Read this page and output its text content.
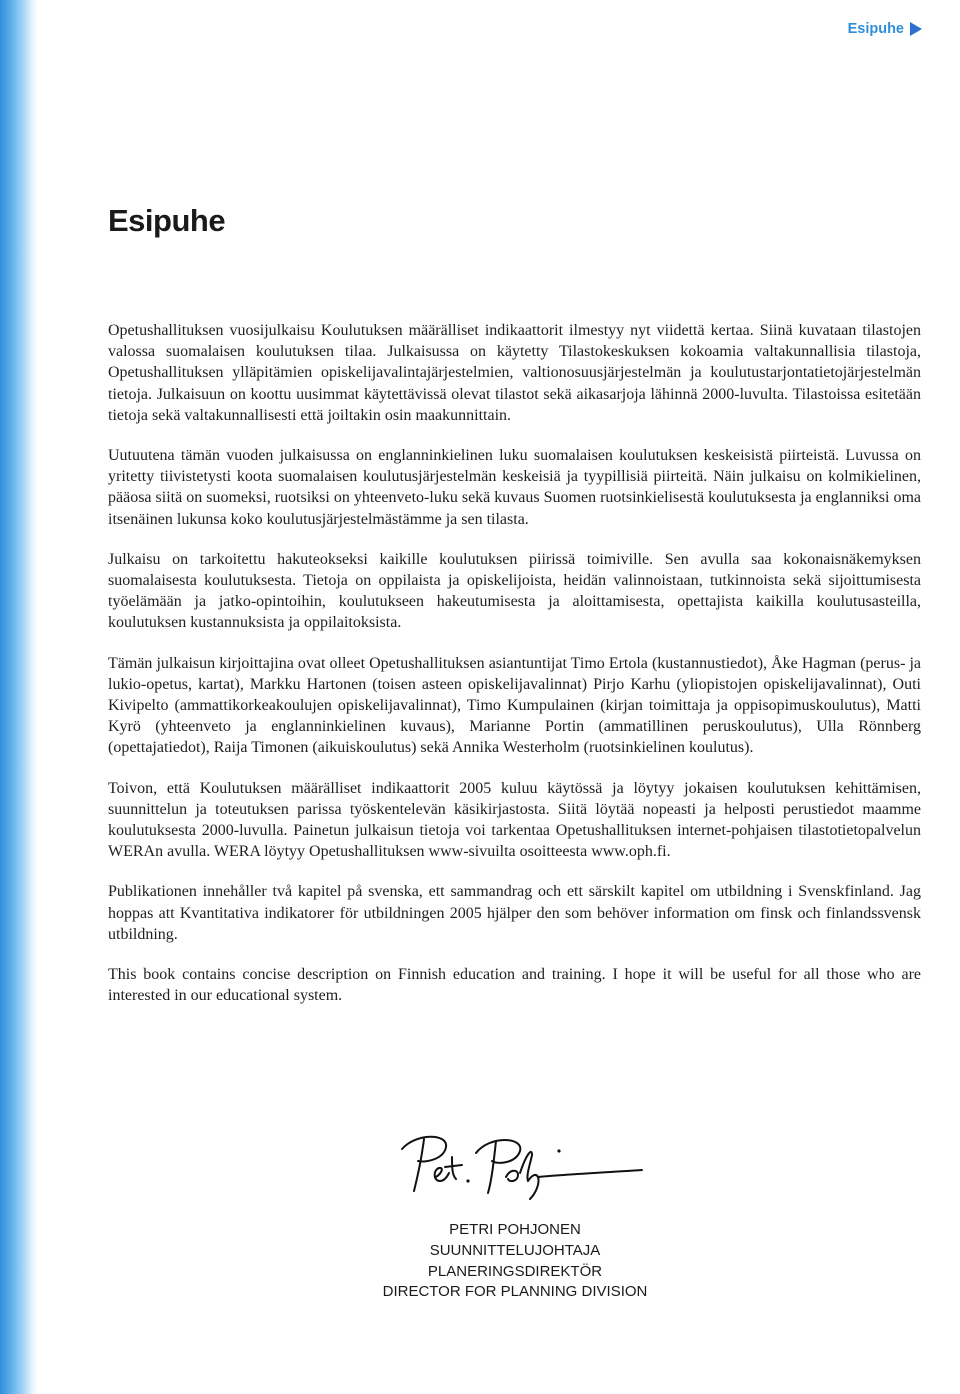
Esipuhe
Esipuhe

Opetushallituksen vuosijulkaisu Koulutuksen määrälliset indikaattorit ilmestyy nyt viidettä kertaa. Siinä kuvataan tilastojen valossa suomalaisen koulutuksen tilaa. Julkaisussa on käytetty Tilastokeskuksen kokoamia valtakunnallisia tilastoja, Opetushallituksen ylläpitämien opiskelijavalintajärjestelmien, valtionosuusjärjestelmän ja koulutustarjontatietojärjestelmän tietoja. Julkaisuun on koottu uusimmat käytettävissä olevat tilastot sekä aikasarjoja lähinnä 2000-luvulta. Tilastoissa esitetään tietoja sekä valtakunnallisesti että joiltakin osin maakunnittain.

Uutuutena tämän vuoden julkaisussa on englanninkielinen luku suomalaisen koulutuksen keskeisistä piirteistä. Luvussa on yritetty tiivistetysti koota suomalaisen koulutusjärjestelmän keskeisiä ja tyypillisiä piirteitä. Näin julkaisu on kolmikielinen, pääosa siitä on suomeksi, ruotsiksi on yhteenveto-luku sekä kuvaus Suomen ruotsinkielisestä koulutuksesta ja englanniksi oma itsenäinen lukunsa koko koulutusjärjestelmästämme ja sen tilasta.

Julkaisu on tarkoitettu hakuteokseksi kaikille koulutuksen piirissä toimiville. Sen avulla saa kokonaisnäkemyksen suomalaisesta koulutuksesta. Tietoja on oppilaista ja opiskelijoista, heidän valinnoistaan, tutkinnoista sekä sijoittumisesta työelämään ja jatko-opintoihin, koulutukseen hakeutumisesta ja aloittamisesta, opettajista kaikilla koulutusasteilla, koulutuksen kustannuksista ja oppilaitoksista.

Tämän julkaisun kirjoittajina ovat olleet Opetushallituksen asiantuntijat Timo Ertola (kustannustiedot), Åke Hagman (perus- ja lukio-opetus, kartat), Markku Hartonen (toisen asteen opiskelijavalinnat) Pirjo Karhu (yliopistojen opiskelijavalinnat), Outi Kivipelto (ammattikorkeakoulujen opiskelijavalinnat), Timo Kumpulainen (kirjan toimittaja ja oppisopimuskoulutus), Matti Kyrö (yhteenveto ja englanninkielinen kuvaus), Marianne Portin (ammatillinen peruskoulutus), Ulla Rönnberg (opettajatiedot), Raija Timonen (aikuiskoulutus) sekä Annika Westerholm (ruotsinkielinen koulutus).

Toivon, että Koulutuksen määrälliset indikaattorit 2005 kuluu käytössä ja löytyy jokaisen koulutuksen kehittämisen, suunnittelun ja toteutuksen parissa työskentelevän käsikirjastosta. Siitä löytää nopeasti ja helposti perustiedot maamme koulutuksesta 2000-luvulla. Painetun julkaisun tietoja voi tarkentaa Opetushallituksen internet-pohjaisen tilastotietopalvelun WERAn avulla. WERA löytyy Opetushallituksen www-sivuilta osoitteesta www.oph.fi.

Publikationen innehåller två kapitel på svenska, ett sammandrag och ett särskilt kapitel om utbildning i Svenskfinland. Jag hoppas att Kvantitativa indikatorer för utbildningen 2005 hjälper den som behöver information om finsk och finlandssvensk utbildning.

This book contains concise description on Finnish education and training. I hope it will be useful for all those who are interested in our educational system.

PETRI POHJONEN
SUUNNITTELUJOHTAJA
PLANERINGSDIREKTÖR
DIRECTOR FOR PLANNING DIVISION
